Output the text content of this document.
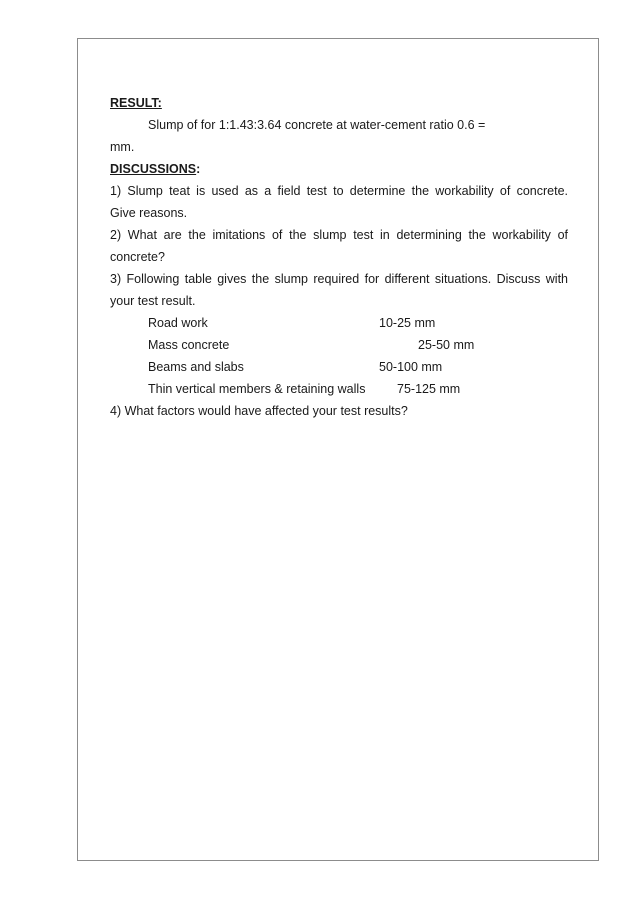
RESULT:
Slump of for 1:1.43:3.64 concrete at water-cement ratio 0.6 =
mm.
DISCUSSIONS:
1) Slump teat is used as a field test to determine the workability of concrete.
Give reasons.
2) What are the imitations of the slump test in determining the workability of
concrete?
3) Following table gives the slump required for different situations. Discuss with
your test result.
Road work	10-25 mm
Mass concrete	25-50 mm
Beams and slabs	50-100 mm
Thin vertical members & retaining walls	75-125 mm
4) What factors would have affected your test results?
